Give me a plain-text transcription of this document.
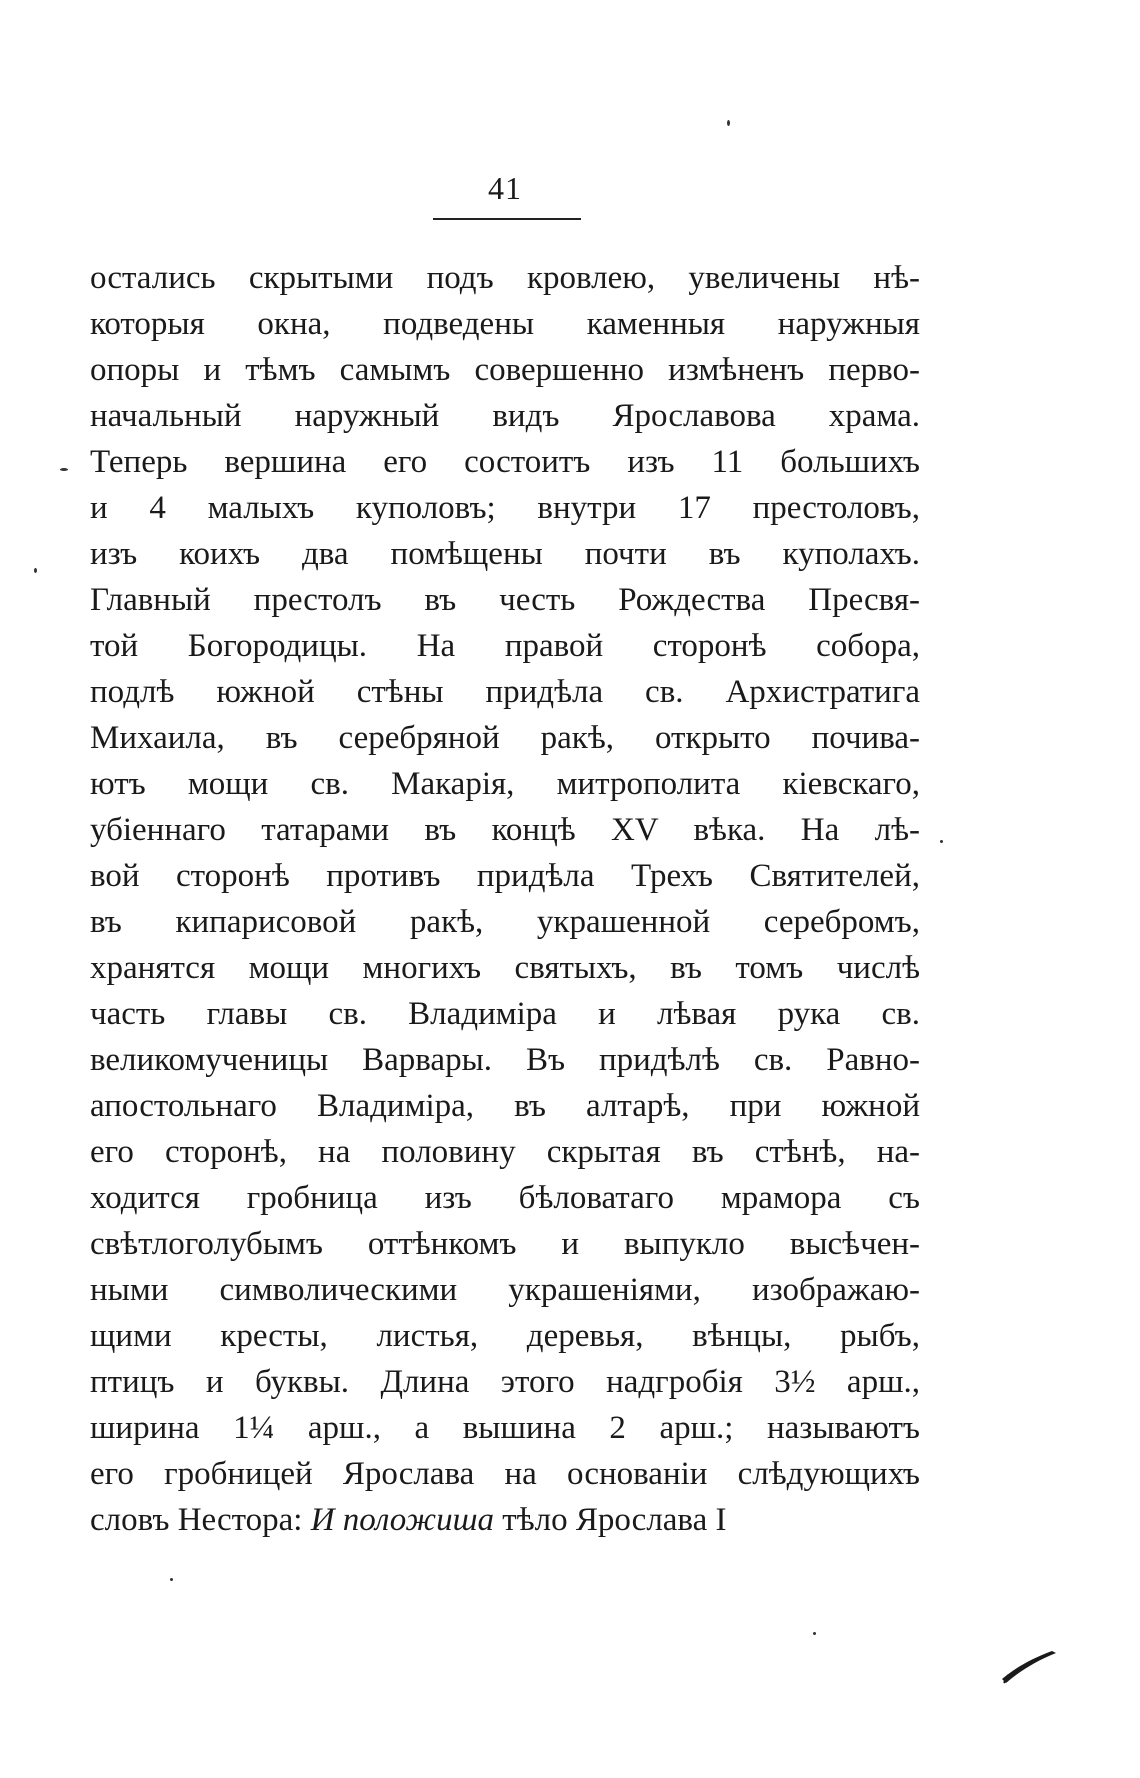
41
остались скрытыми подъ кровлею, увеличены нѣ-
которыя окна, подведены каменныя наружныя
опоры и тѣмъ самымъ совершенно измѣненъ перво-
начальный наружный видъ Ярославова храма.
Теперь вершина его состоитъ изъ 11 большихъ
и 4 малыхъ куполовъ; внутри 17 престоловъ,
изъ коихъ два помѣщены почти въ куполахъ.
Главный престолъ въ честь Рождества Пресвя-
той Богородицы. На правой сторонѣ собора,
подлѣ южной стѣны придѣла св. Архистратига
Михаила, въ серебряной ракѣ, открыто почива-
ютъ мощи св. Макарія, митрополита кіевскаго,
убіеннаго татарами въ концѣ XV вѣка. На лѣ-
вой сторонѣ противъ придѣла Трехъ Святителей,
въ кипарисовой ракѣ, украшенной серебромъ,
хранятся мощи многихъ святыхъ, въ томъ числѣ
часть главы св. Владиміра и лѣвая рука св.
великомученицы Варвары. Въ придѣлѣ св. Равно-
апостольнаго Владиміра, въ алтарѣ, при южной
его сторонѣ, на половину скрытая въ стѣнѣ, на-
ходится гробница изъ бѣловатаго мрамора съ
свѣтлоголубымъ оттѣнкомъ и выпукло высѣчен-
ными символическими украшеніями, изображаю-
щими кресты, листья, деревья, вѣнцы, рыбъ,
птицъ и буквы. Длина этого надгробія 3½ арш.,
ширина 1¼ арш., а вышина 2 арш.; называютъ
его гробницей Ярослава на основаніи слѣдующихъ
словъ Нестора: И положиша тѣло Ярослава I
